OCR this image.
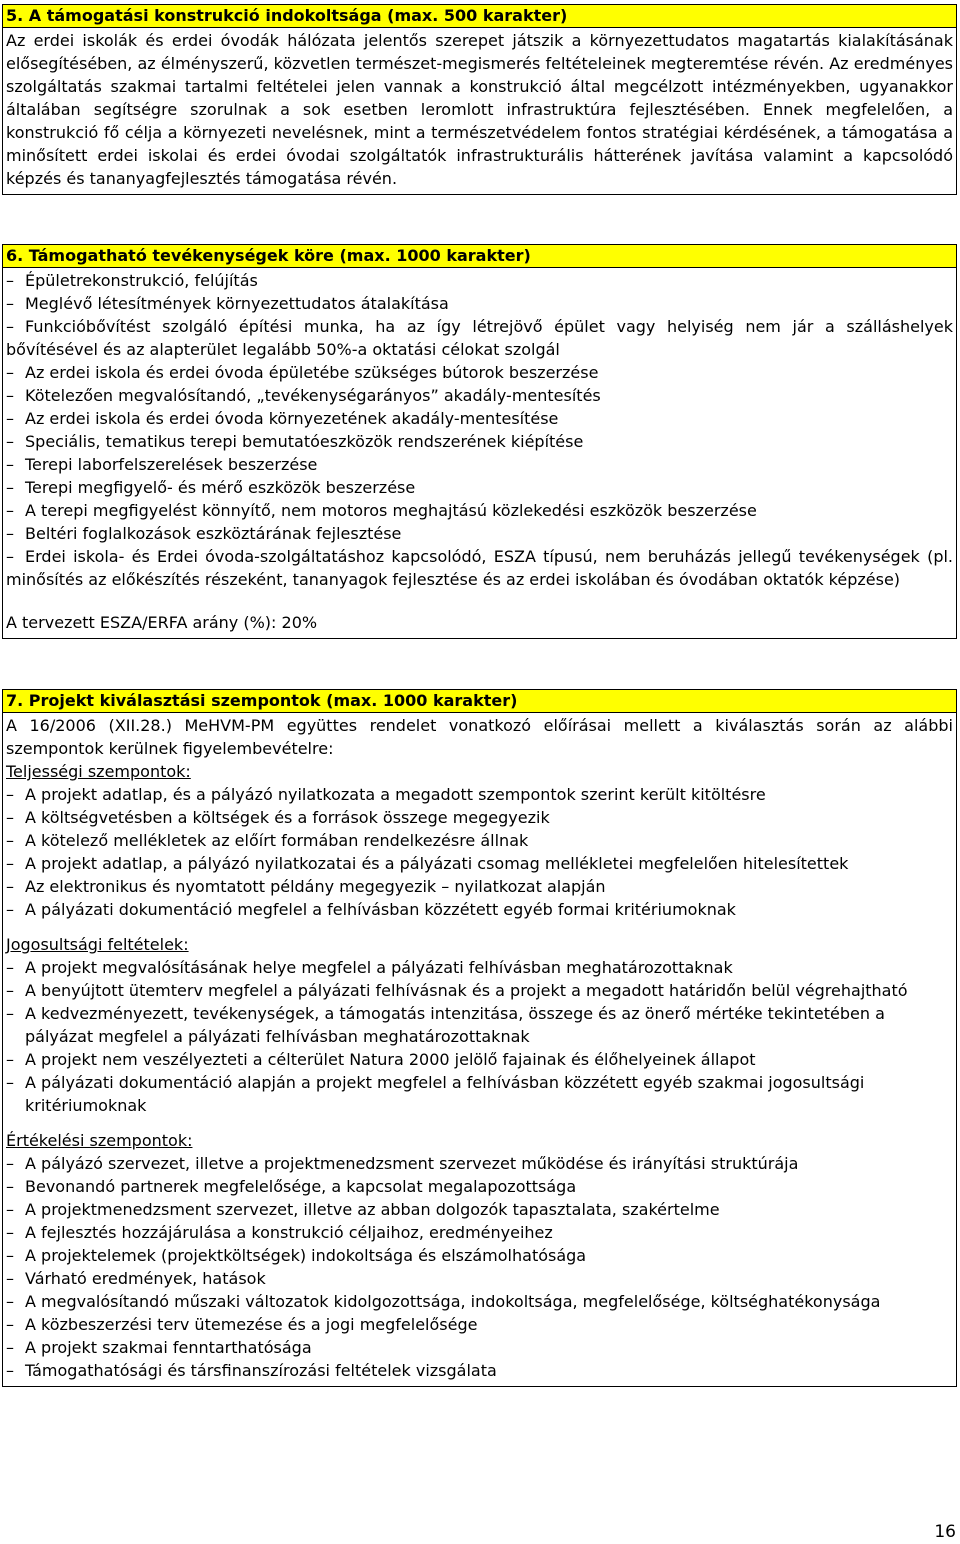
5. A támogatási konstrukció indokoltsága (max. 500 karakter)
Az erdei iskolák és erdei óvodák hálózata jelentős szerepet játszik a környezettudatos magatartás kialakításának elősegítésében, az élményszerű, közvetlen természet-megismerés feltételeinek megteremtése révén. Az eredményes szolgáltatás szakmai tartalmi feltételei jelen vannak a konstrukció által megcélzott intézményekben, ugyanakkor általában segítségre szorulnak a sok esetben leromlott infrastruktúra fejlesztésében. Ennek megfelelően, a konstrukció fő célja a környezeti nevelésnek, mint a természetvédelem fontos stratégiai kérdésének, a támogatása a minősített erdei iskolai és erdei óvodai szolgáltatók infrastrukturális hátterének javítása valamint a kapcsolódó képzés és tananyagfejlesztés támogatása révén.
6. Támogatható tevékenységek köre (max. 1000 karakter)
– Épületrekonstrukció, felújítás
– Meglévő létesítmények környezettudatos átalakítása
– Funkcióbővítést szolgáló építési munka, ha az így létrejövő épület vagy helyiség nem jár a szálláshelyek bővítésével és az alapterület legalább 50%-a oktatási célokat szolgál
– Az erdei iskola és erdei óvoda épületébe szükséges bútorok beszerzése
– Kötelezően megvalósítandó, „tevékenységarányos” akadály-mentesítés
– Az erdei iskola és erdei óvoda környezetének akadály-mentesítése
– Speciális, tematikus terepi bemutatóeszközök rendszerének kiépítése
– Terepi laborfelszerelések beszerzése
– Terepi megfigyelő- és mérő eszközök beszerzése
– A terepi megfigyelést könnyítő, nem motoros meghajtású közlekedési eszközök beszerzése
– Beltéri foglalkozások eszköztárának fejlesztése
– Erdei iskola- és Erdei óvoda-szolgáltatáshoz kapcsolódó, ESZA típusú, nem beruházás jellegű tevékenységek (pl. minősítés az előkészítés részeként, tananyagok fejlesztése és az erdei iskolában és óvodában oktatók képzése)
A tervezett ESZA/ERFA arány (%): 20%
7. Projekt kiválasztási szempontok (max. 1000 karakter)
A 16/2006 (XII.28.) MeHVM-PM együttes rendelet vonatkozó előírásai mellett a kiválasztás során az alábbi szempontok kerülnek figyelembevételre:
Teljességi szempontok:
– A projekt adatlap, és a pályázó nyilatkozata a megadott szempontok szerint került kitöltésre
– A költségvetésben a költségek és a források összege megegyezik
– A kötelező mellékletek az előírt formában rendelkezésre állnak
– A projekt adatlap, a pályázó nyilatkozatai és a pályázati csomag mellékletei megfelelően hitelesítettek
– Az elektronikus és nyomtatott példány megegyezik – nyilatkozat alapján
– A pályázati dokumentáció megfelel a felhívásban közzétett egyéb formai kritériumoknak
Jogosultsági feltételek:
– A projekt megvalósításának helye megfelel a pályázati felhívásban meghatározottaknak
– A benyújtott ütemterv megfelel a pályázati felhívásnak és a projekt a megadott határidőn belül végrehajtható
– A kedvezményezett, tevékenységek, a támogatás intenzitása, összege és az önerő mértéke tekintetében a pályázat megfelel a pályázati felhívásban meghatározottaknak
– A projekt nem veszélyezteti a célterület Natura 2000 jelölő fajainak és élőhelyeinek állapot
– A pályázati dokumentáció alapján a projekt megfelel a felhívásban közzétett egyéb szakmai jogosultsági kritériumoknak
Értékelési szempontok:
– A pályázó szervezet, illetve a projektmenedzsment szervezet működése és irányítási struktúrája
– Bevonandó partnerek megfelelősége, a kapcsolat megalapozottsága
– A projektmenedzsment szervezet, illetve az abban dolgozók tapasztalata, szakértelme
– A fejlesztés hozzájárulása a konstrukció céljaihoz, eredményeihez
– A projektelemek (projektköltségek) indokoltsága és elszámolhatósága
– Várható eredmények, hatások
– A megvalósítandó műszaki változatok kidolgozottsága, indokoltsága, megfelelősége, költséghatékonysága
– A közbeszerzési terv ütemezése és a jogi megfelelősége
– A projekt szakmai fenntarthatósága
– Támogathatósági és társfinanszírozási feltételek vizsgálata
16
